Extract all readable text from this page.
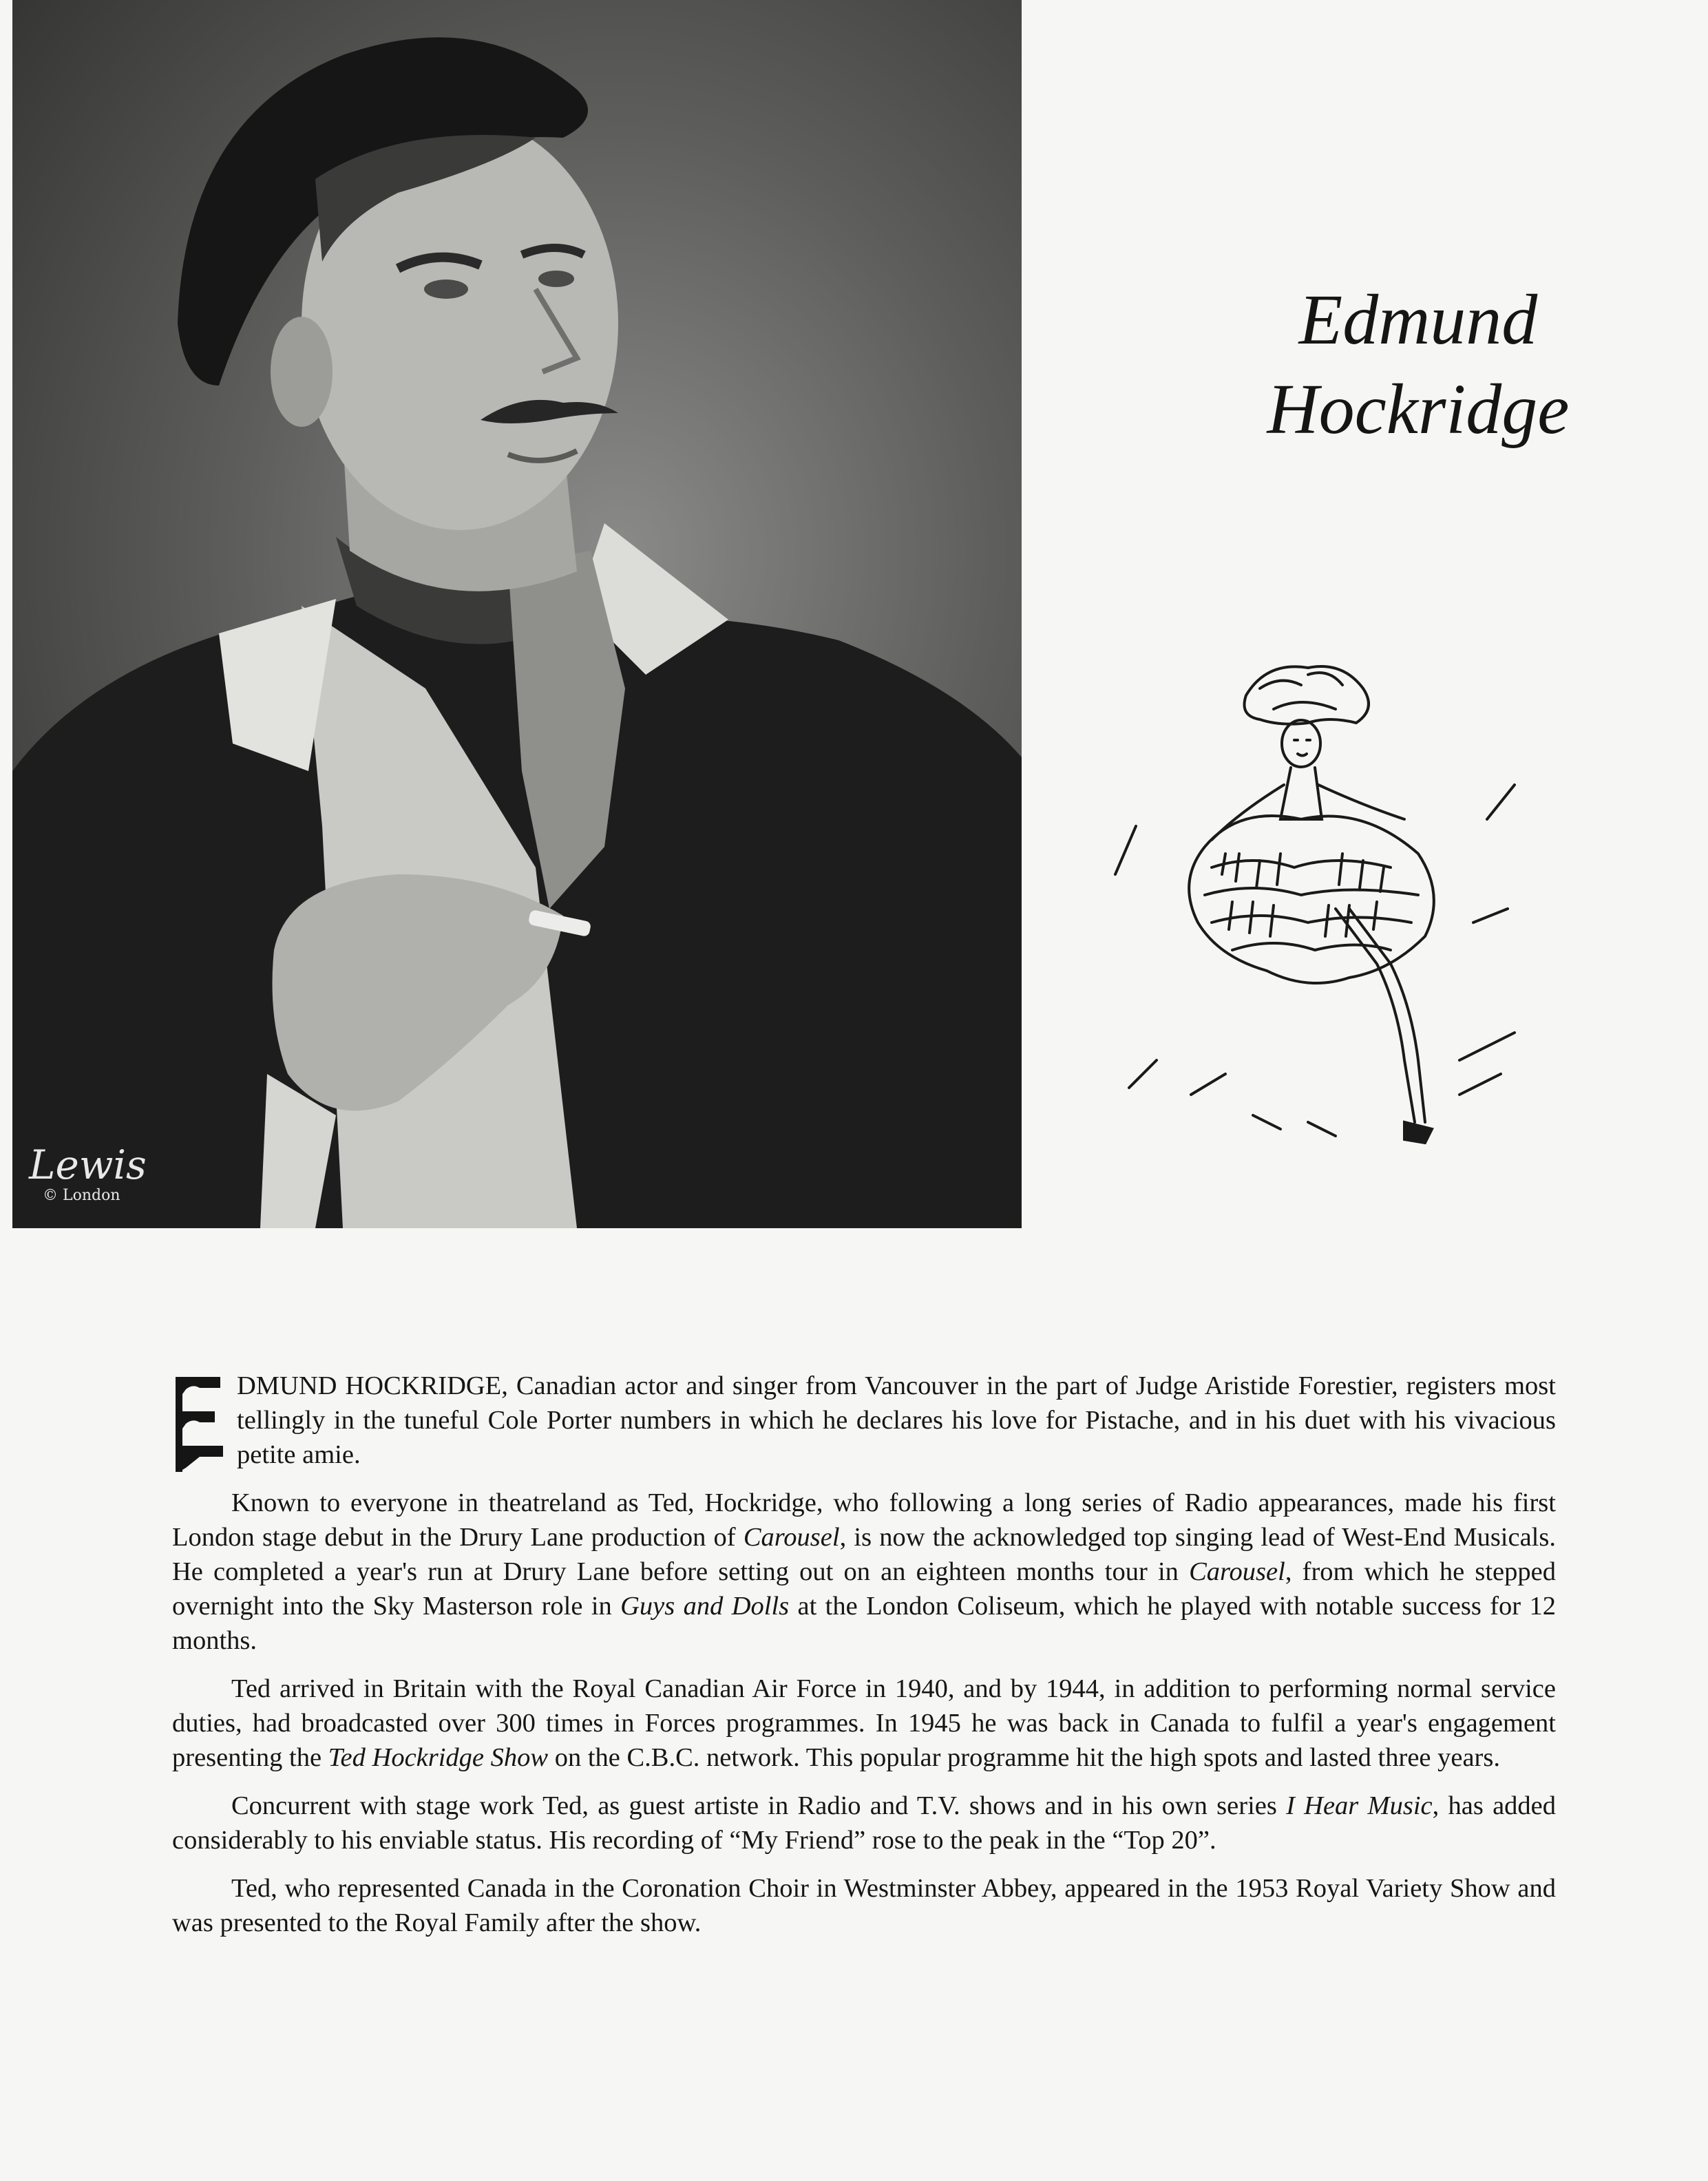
Lewis
© London
Edmund
Hockridge

DMUND HOCKRIDGE, Canadian actor and singer from Vancouver in the part of Judge Aristide Forestier, registers most tellingly in the tuneful Cole Porter numbers in which he declares his love for Pistache, and in his duet with his vivacious petite amie.

Known to everyone in theatreland as Ted, Hockridge, who following a long series of Radio appearances, made his first London stage debut in the Drury Lane production of Carousel, is now the acknowledged top singing lead of West-End Musicals. He completed a year's run at Drury Lane before setting out on an eighteen months tour in Carousel, from which he stepped overnight into the Sky Masterson role in Guys and Dolls at the London Coliseum, which he played with notable success for 12 months.

Ted arrived in Britain with the Royal Canadian Air Force in 1940, and by 1944, in addition to performing normal service duties, had broadcasted over 300 times in Forces programmes. In 1945 he was back in Canada to fulfil a year's engagement presenting the Ted Hockridge Show on the C.B.C. network. This popular programme hit the high spots and lasted three years.

Concurrent with stage work Ted, as guest artiste in Radio and T.V. shows and in his own series I Hear Music, has added considerably to his enviable status. His recording of “My Friend” rose to the peak in the “Top 20”.

Ted, who represented Canada in the Coronation Choir in Westminster Abbey, appeared in the 1953 Royal Variety Show and was presented to the Royal Family after the show.
